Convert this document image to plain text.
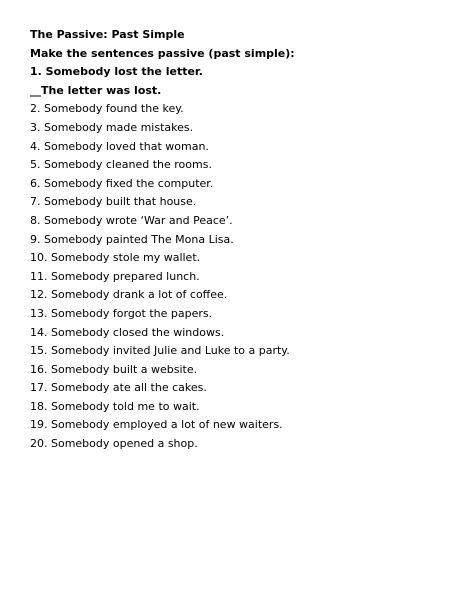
The Passive: Past Simple
Make the sentences passive (past simple):
1. Somebody lost the letter.
__The letter was lost.
2. Somebody found the key.
3. Somebody made mistakes.
4. Somebody loved that woman.
5. Somebody cleaned the rooms.
6. Somebody fixed the computer.
7. Somebody built that house.
8. Somebody wrote ‘War and Peace’.
9. Somebody painted The Mona Lisa.
10. Somebody stole my wallet.
11. Somebody prepared lunch.
12. Somebody drank a lot of coffee.
13. Somebody forgot the papers.
14. Somebody closed the windows.
15. Somebody invited Julie and Luke to a party.
16. Somebody built a website.
17. Somebody ate all the cakes.
18. Somebody told me to wait.
19. Somebody employed a lot of new waiters.
20. Somebody opened a shop.
